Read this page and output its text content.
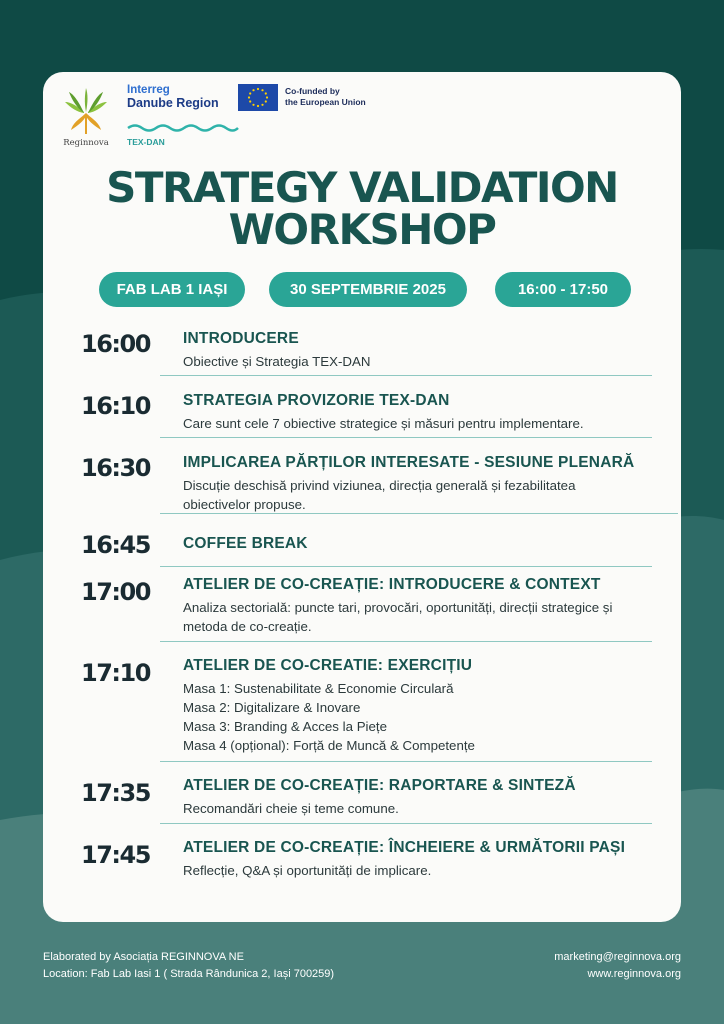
Reginnova
Interreg
Danube Region
Co-funded by
the European Union
TEX-DAN
STRATEGY VALIDATION
WORKSHOP
FAB LAB 1 IAȘI	30 SEPTEMBRIE 2025	16:00 - 17:50
16:00	INTRODUCERE
Obiective și Strategia TEX-DAN
16:10	STRATEGIA PROVIZORIE TEX-DAN
Care sunt cele 7 obiective strategice și măsuri pentru implementare.
16:30	IMPLICAREA PĂRȚILOR INTERESATE - SESIUNE PLENARĂ
Discuție deschisă privind viziunea, direcția generală și fezabilitatea
obiectivelor propuse.
16:45	COFFEE BREAK
17:00	ATELIER DE CO-CREAȚIE: INTRODUCERE & CONTEXT
Analiza sectorială: puncte tari, provocări, oportunități, direcții strategice și
metoda de co-creație.
17:10	ATELIER DE CO-CREATIE: EXERCIȚIU
Masa 1: Sustenabilitate & Economie Circulară
Masa 2: Digitalizare & Inovare
Masa 3: Branding & Acces la Piețe
Masa 4 (opțional): Forță de Muncă & Competențe
17:35	ATELIER DE CO-CREAȚIE: RAPORTARE & SINTEZĂ
Recomandări cheie și teme comune.
17:45	ATELIER DE CO-CREAȚIE: ÎNCHEIERE & URMĂTORII PAȘI
Reflecție, Q&A și oportunități de implicare.
Elaborated by Asociația REGINNOVA NE
Location: Fab Lab Iasi 1 ( Strada Rândunica 2, Iași 700259)
marketing@reginnova.org
www.reginnova.org
